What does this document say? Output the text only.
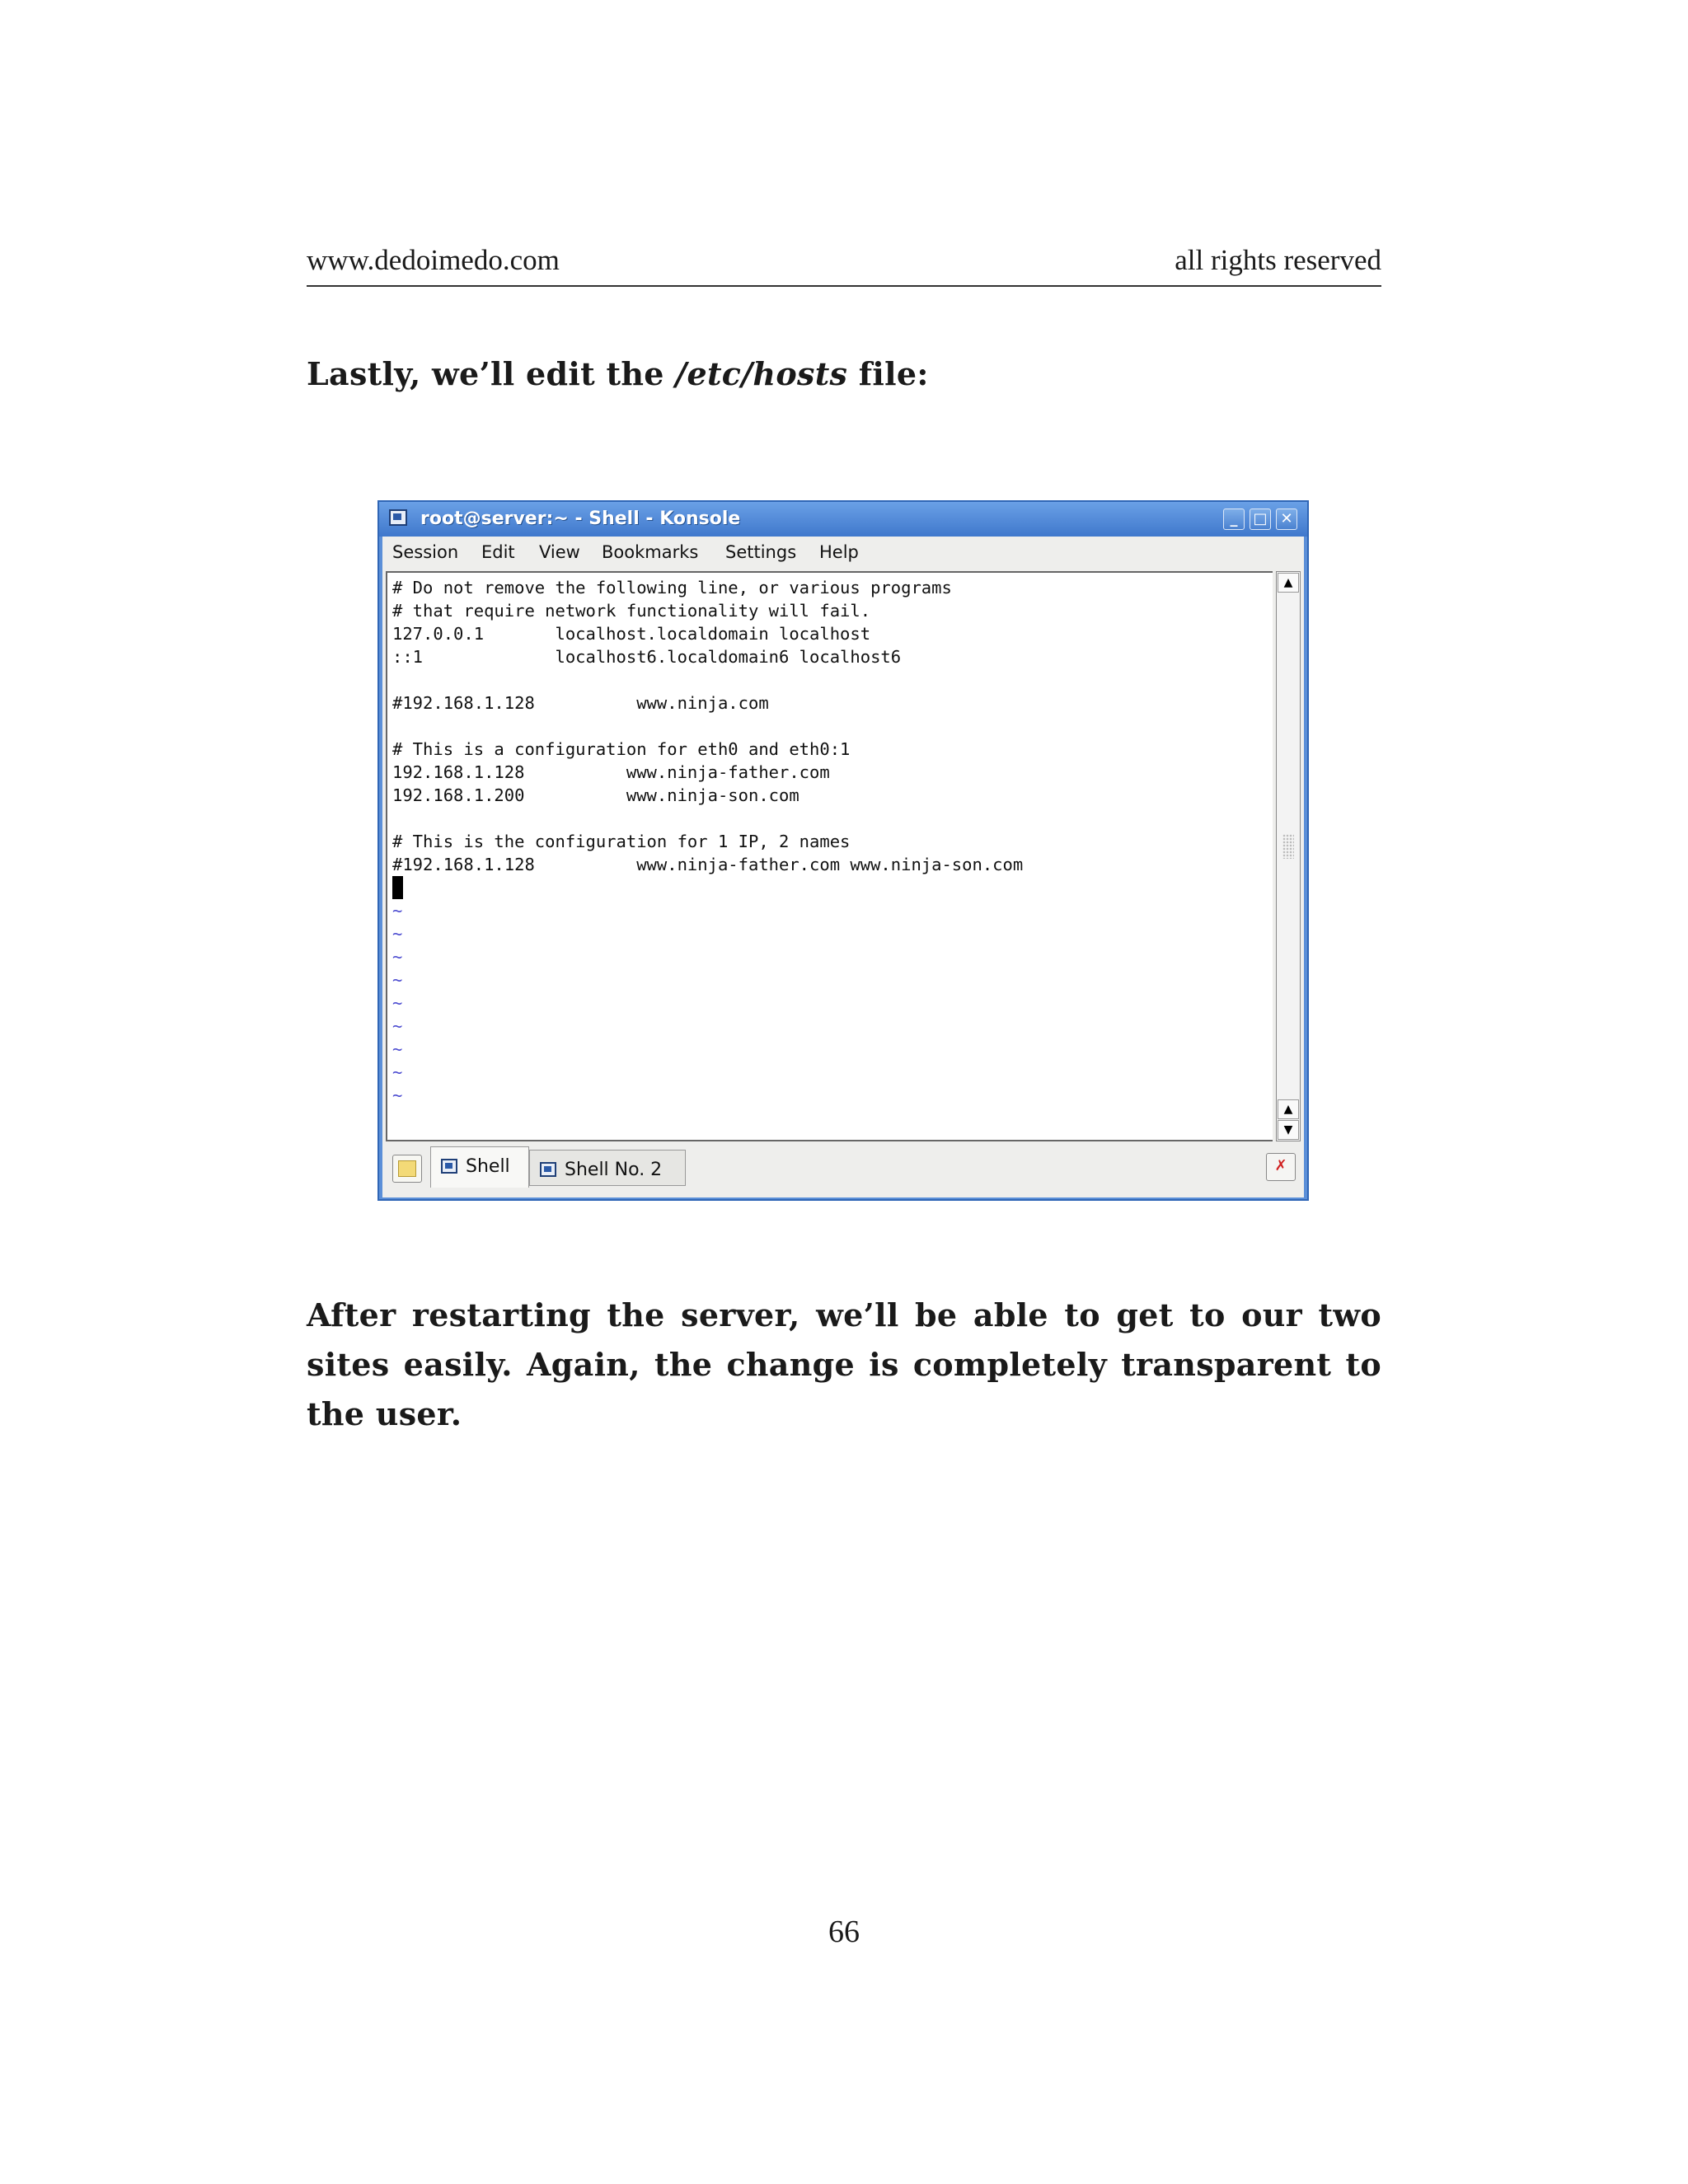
www.dedoimedo.com	all rights reserved
Lastly, we’ll edit the /etc/hosts file:
root@server:~ - Shell - Konsole	_	□ ✕
Session Edit View Bookmarks Settings Help
# Do not remove the following line, or various programs
# that require network functionality will fail.
127.0.0.1       localhost.localdomain localhost
::1             localhost6.localdomain6 localhost6
#192.168.1.128          www.ninja.com
# This is a configuration for eth0 and eth0:1
192.168.1.128          www.ninja-father.com
192.168.1.200          www.ninja-son.com
# This is the configuration for 1 IP, 2 names
#192.168.1.128          www.ninja-father.com www.ninja-son.com
~
~
~
~
~
~
~
~
~
▲
▲
▼
Shell	Shell No. 2	✗
After restarting the server, we’ll be able to get to our two sites easily. Again, the change is completely transparent to the user.
66
